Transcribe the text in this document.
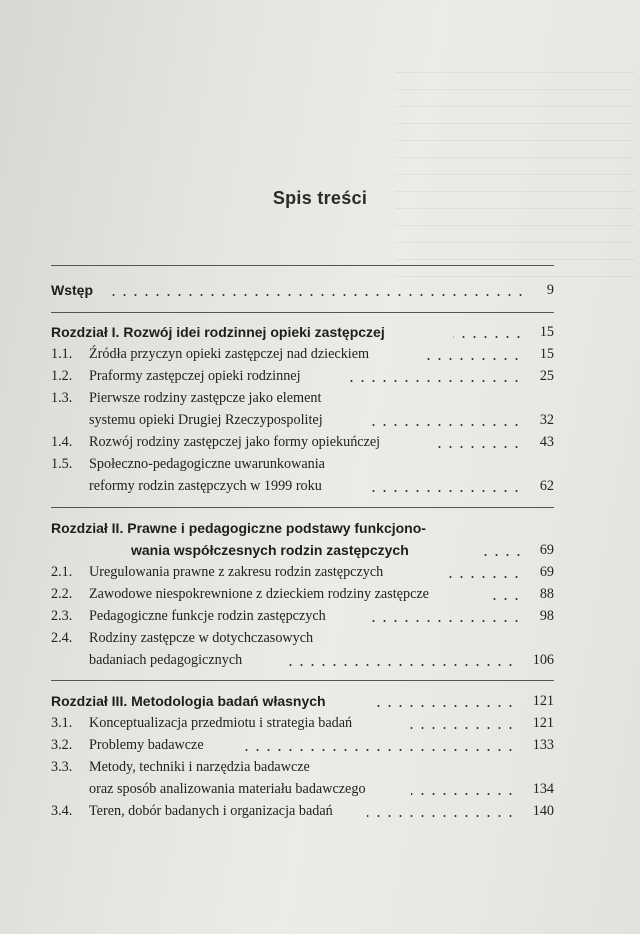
Spis treści
Wstęp	9
Rozdział I. Rozwój idei rodzinnej opieki zastępczej	15
1.1. Źródła przyczyn opieki zastępczej nad dzieckiem	15
1.2. Praformy zastępczej opieki rodzinnej	25
1.3. Pierwsze rodziny zastępcze jako element
systemu opieki Drugiej Rzeczypospolitej	32
1.4. Rozwój rodziny zastępczej jako formy opiekuńczej	43
1.5. Społeczno-pedagogiczne uwarunkowania
reformy rodzin zastępczych w 1999 roku	62
Rozdział II. Prawne i pedagogiczne podstawy funkcjono-
wania współczesnych rodzin zastępczych	69
2.1. Uregulowania prawne z zakresu rodzin zastępczych	69
2.2. Zawodowe niespokrewnione z dzieckiem rodziny zastępcze	88
2.3. Pedagogiczne funkcje rodzin zastępczych	98
2.4. Rodziny zastępcze w dotychczasowych
badaniach pedagogicznych	106
Rozdział III. Metodologia badań własnych	121
3.1. Konceptualizacja przedmiotu i strategia badań	121
3.2. Problemy badawcze	133
3.3. Metody, techniki i narzędzia badawcze
oraz sposób analizowania materiału badawczego	134
3.4. Teren, dobór badanych i organizacja badań	140
